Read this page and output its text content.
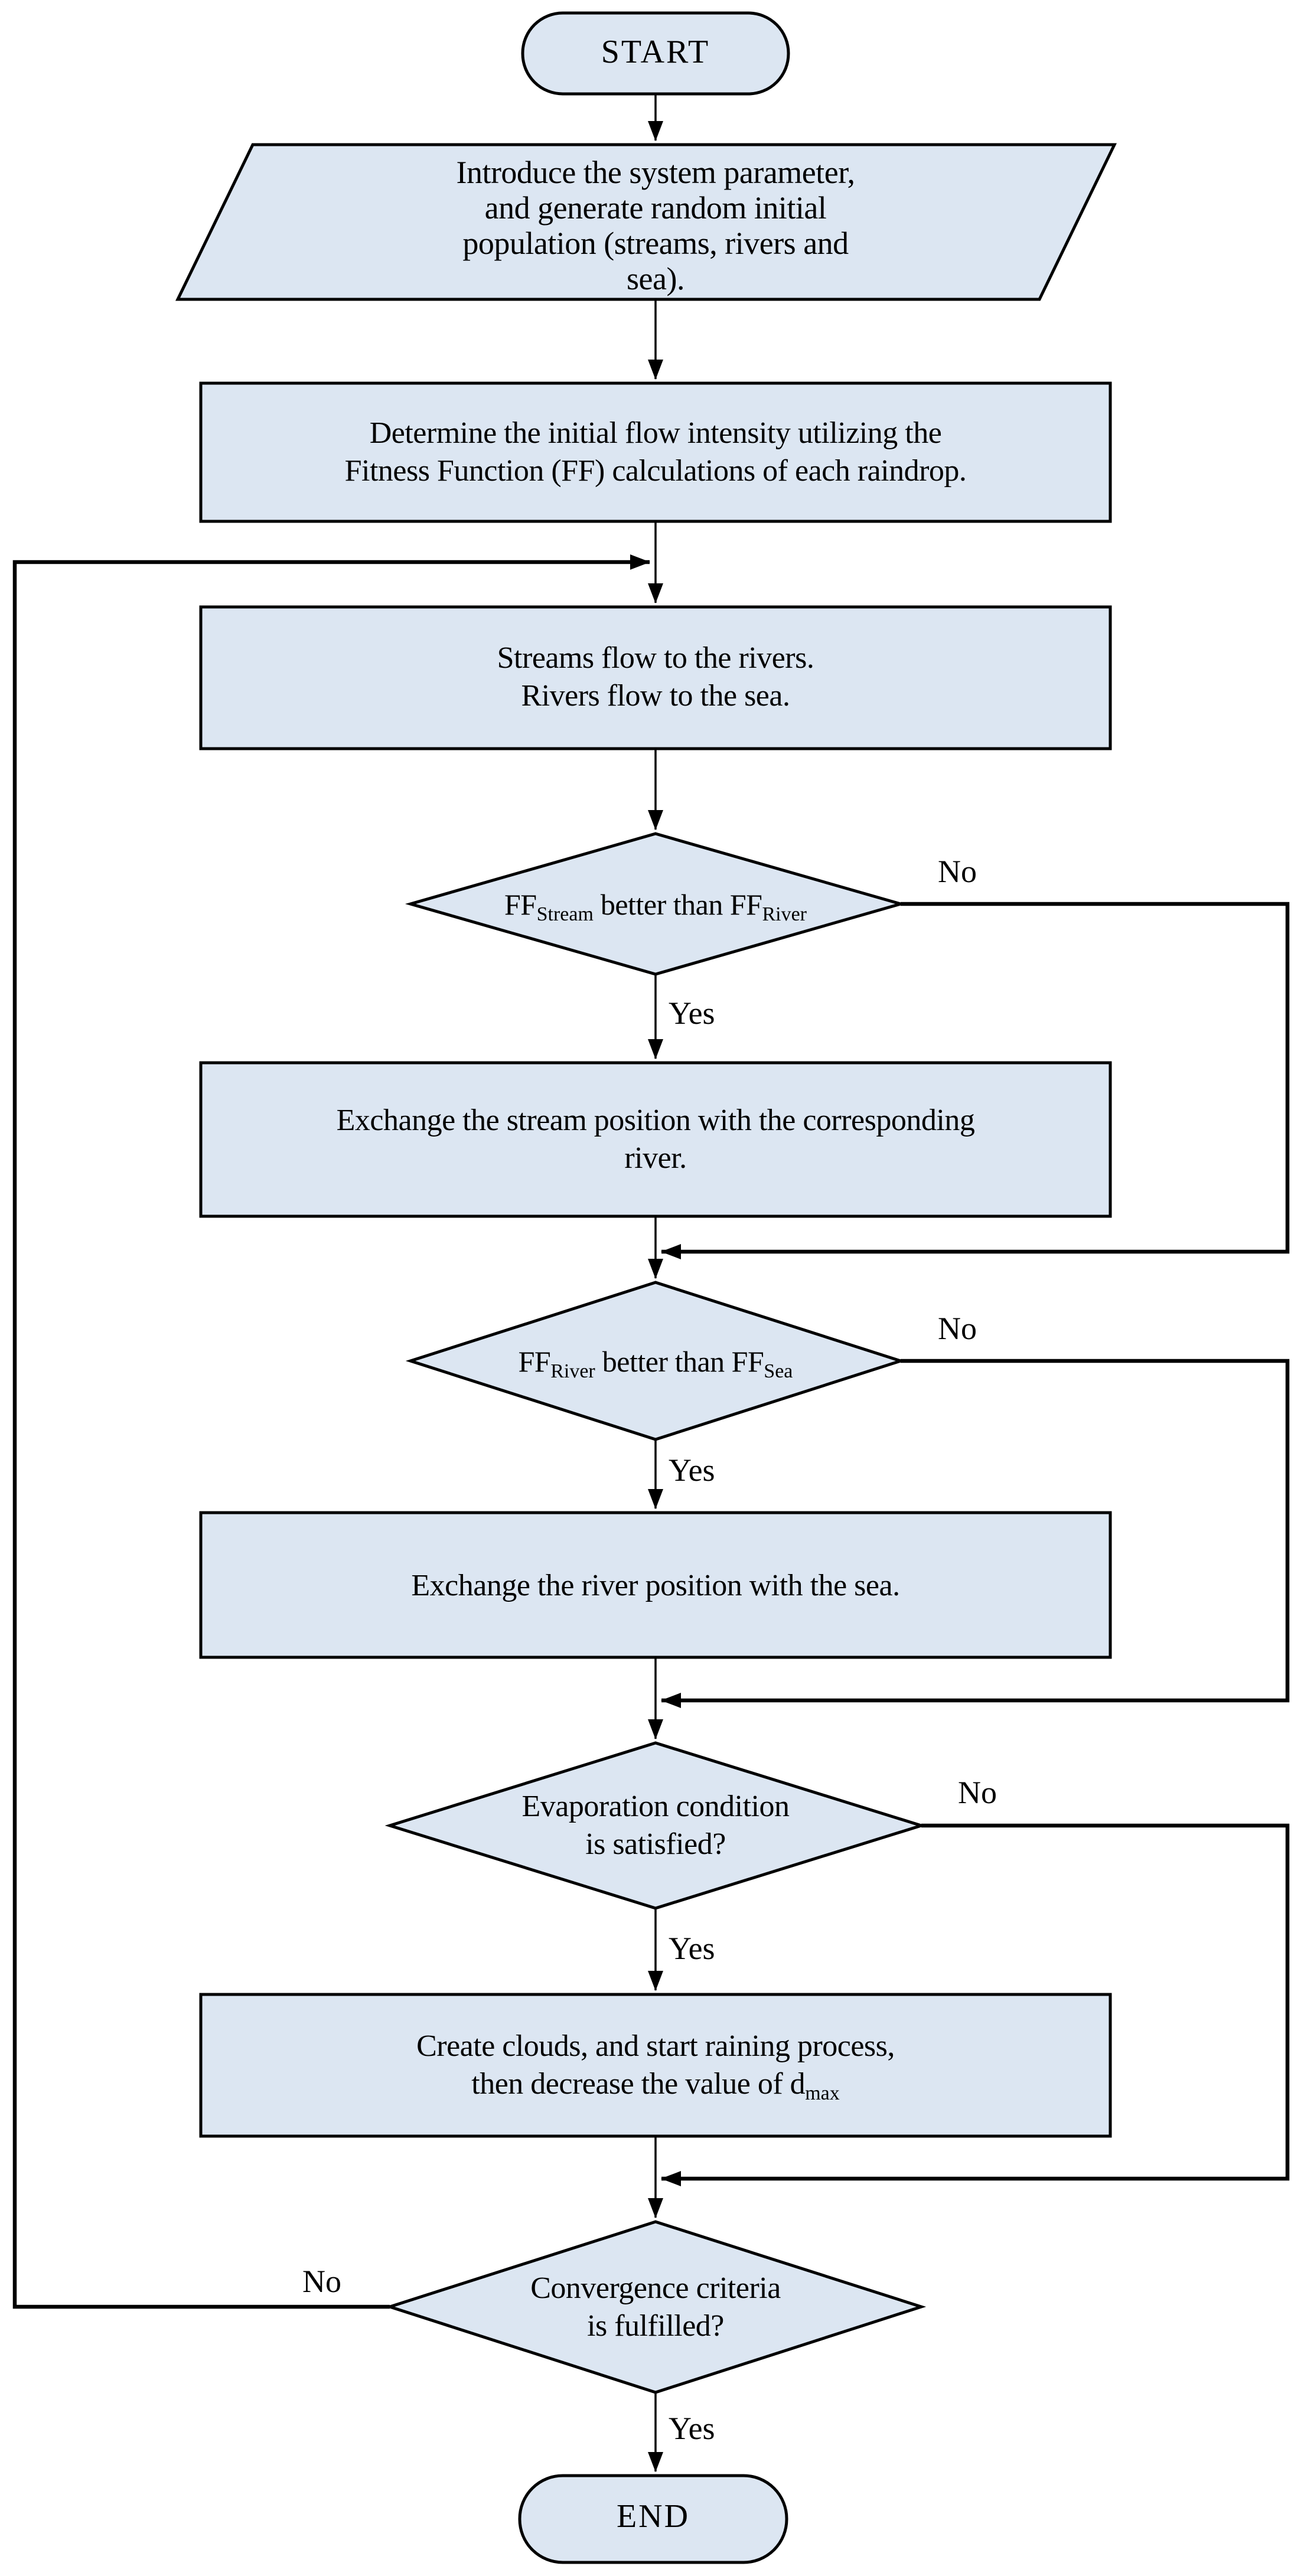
START
Introduce the system parameter,
and generate random initial
population (streams, rivers and
sea).
Determine the initial flow intensity utilizing the
Fitness Function (FF) calculations of each raindrop.
Streams flow to the rivers.
Rivers flow to the sea.
$FF_{Stream}$ better than $FF_{River}$
Exchange the stream position with the corresponding
river.
$FF_{River}$ better than $FF_{Sea}$
Exchange the river position with the sea.
Evaporation condition
is satisfied?
Create clouds, and start raining process,
then decrease the value of $d_{max}$
Convergence criteria
is fulfilled?
END
No
Yes
No
Yes
No
Yes
No
Yes
